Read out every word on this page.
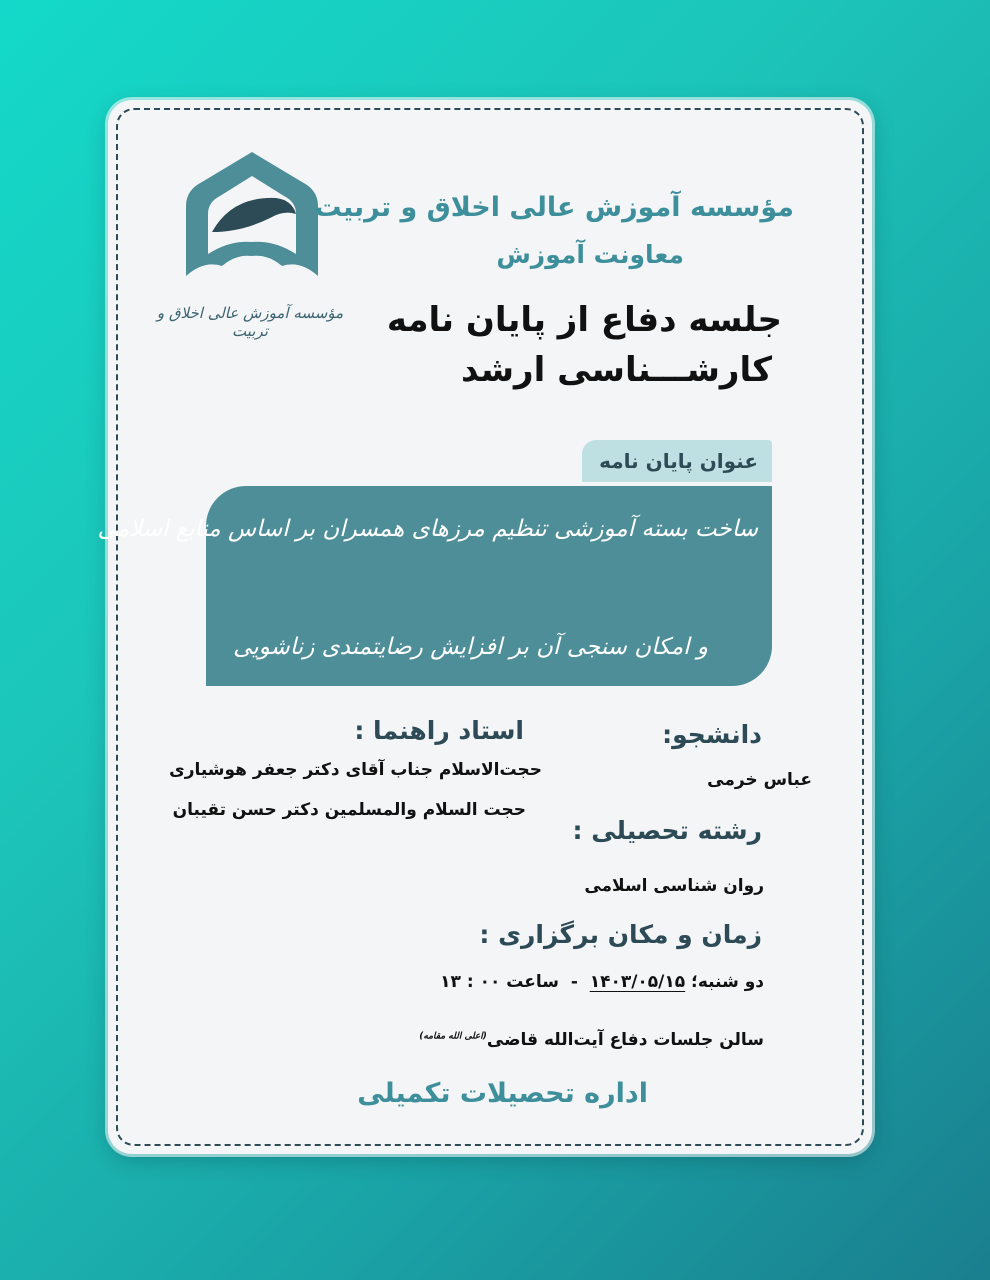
مؤسسه آموزش عالی اخلاق و تربیت
مؤسسه آموزش عالی اخلاق و تربیت
معاونت آموزش
جلسه دفاع از پایان نامه
کارشـــناسی ارشد
عنوان پایان نامه
ساخت بسته آموزشی تنظیم مرزهای همسران بر اساس منابع اسلامی
و امکان سنجی آن بر افزایش رضایتمندی زناشویی
دانشجو:
استاد راهنما :
حجت‌الاسلام جناب آقای دکتر جعفر هوشیاری	عباس خرمی
حجت السلام والمسلمین دکتر حسن تقیبان
رشته تحصیلی :
روان شناسی اسلامی
زمان و مکان برگزاری :
دو شنبه؛ ۱۴۰۳/۰۵/۱۵  -  ساعت ۰۰ : ۱۳
سالن جلسات دفاع آیت‌الله قاضی$^{(اعلی الله مقامه)}$
اداره تحصیلات تکمیلی
